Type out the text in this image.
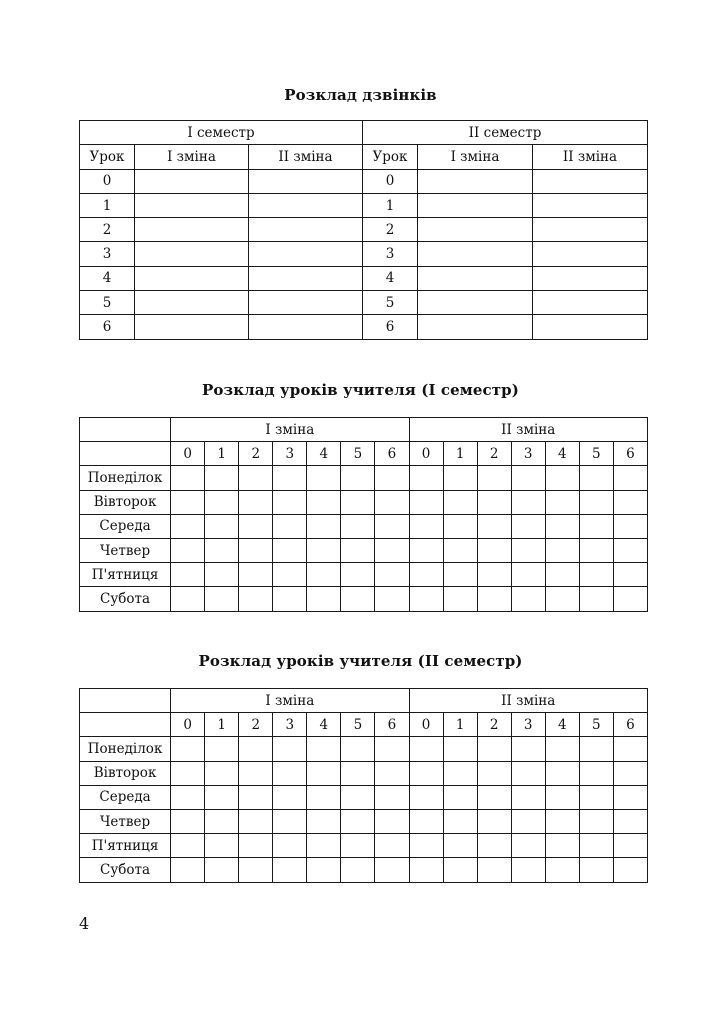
Розклад дзвінків
I семестр			II семестр		
Урок	I зміна	II зміна	Урок	I зміна	II зміна
0			0		
1			1		
2			2		
3			3		
4			4		
5			5		
6			6		
Розклад уроків учителя (I семестр)
	I зміна							II зміна						
	0	1	2	3	4	5	6	0	1	2	3	4	5	6
Понеділок														
Вівторок														
Середа														
Четвер														
П'ятниця														
Субота														
Розклад уроків учителя (II семестр)
	I зміна							II зміна						
	0	1	2	3	4	5	6	0	1	2	3	4	5	6
Понеділок														
Вівторок														
Середа														
Четвер														
П'ятниця														
Субота														

4
